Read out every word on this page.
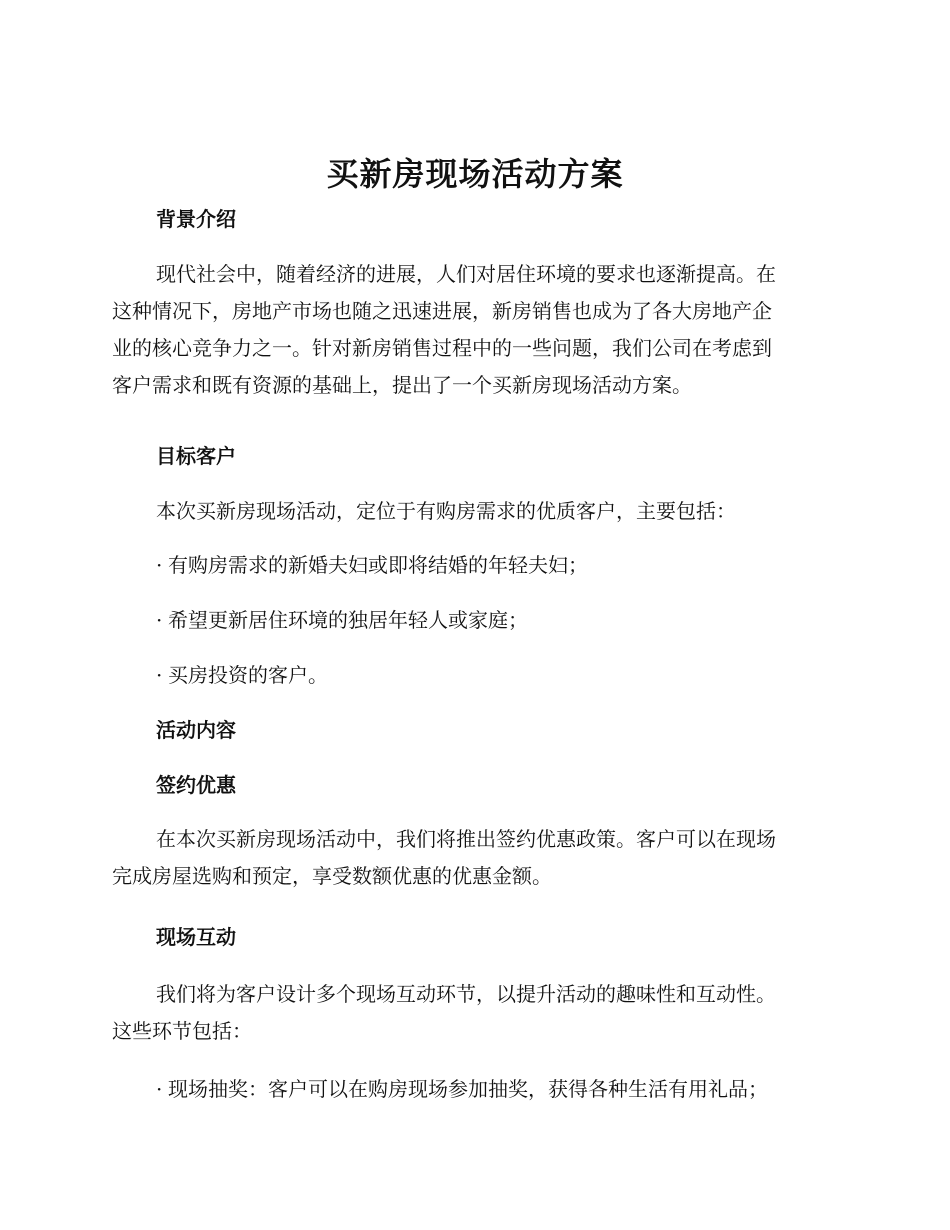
买新房现场活动方案
背景介绍
现代社会中，随着经济的进展，人们对居住环境的要求也逐渐提高。在
这种情况下，房地产市场也随之迅速进展，新房销售也成为了各大房地产企
业的核心竞争力之一。针对新房销售过程中的一些问题，我们公司在考虑到
客户需求和既有资源的基础上，提出了一个买新房现场活动方案。
目标客户
本次买新房现场活动，定位于有购房需求的优质客户，主要包括：
· 有购房需求的新婚夫妇或即将结婚的年轻夫妇；
· 希望更新居住环境的独居年轻人或家庭；
· 买房投资的客户。
活动内容
签约优惠
在本次买新房现场活动中，我们将推出签约优惠政策。客户可以在现场
完成房屋选购和预定，享受数额优惠的优惠金额。
现场互动
我们将为客户设计多个现场互动环节，以提升活动的趣味性和互动性。
这些环节包括：
· 现场抽奖：客户可以在购房现场参加抽奖，获得各种生活有用礼品；
